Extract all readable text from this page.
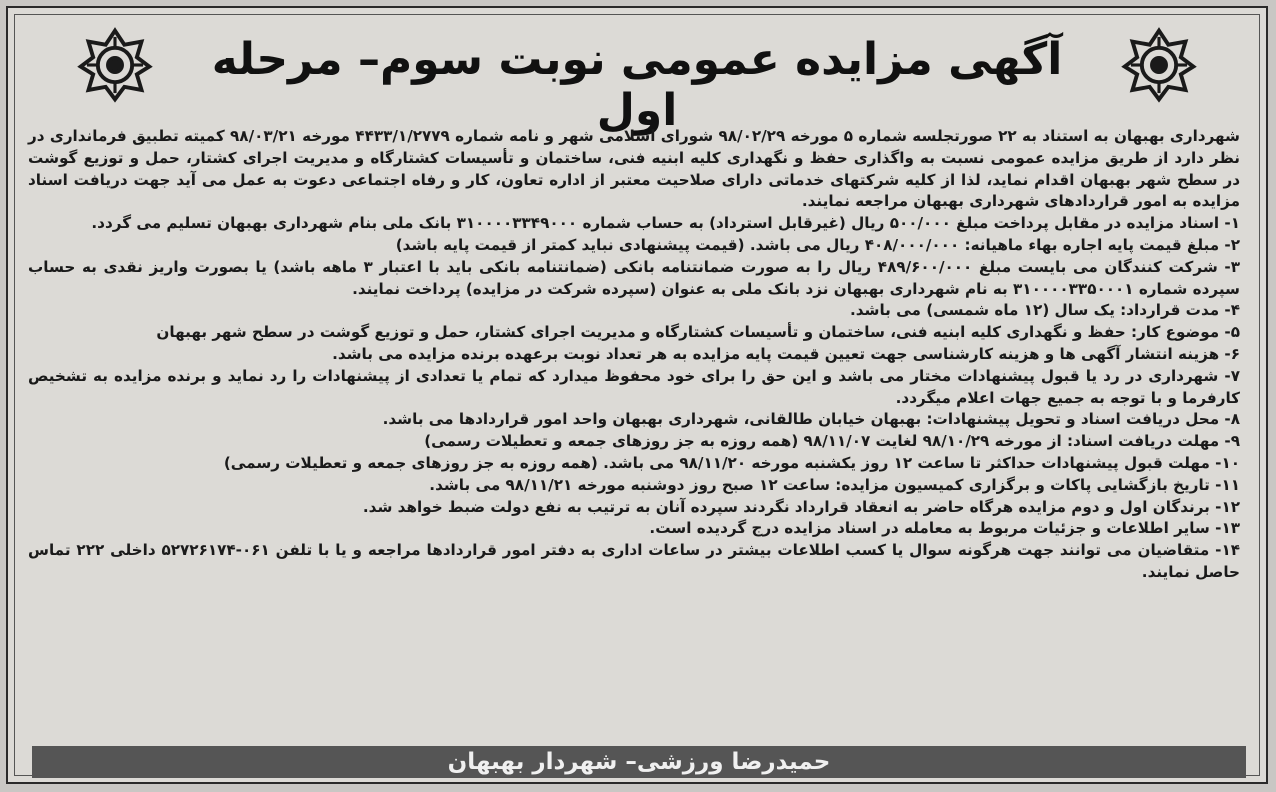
آگهی مزایده عمومی نوبت سوم– مرحله اول

شهرداری بهبهان به استناد به ۲۲ صورتجلسه شماره ۵ مورخه ۹۸/۰۲/۲۹ شورای اسلامی شهر و نامه شماره ۴۴۳۳/۱/۲۷۷۹ مورخه ۹۸/۰۳/۲۱ کمیته تطبیق فرمانداری در نظر دارد از طریق مزایده عمومی نسبت به واگذاری حفظ و نگهداری کلیه ابنیه فنی، ساختمان و تأسیسات کشتارگاه و مدیریت اجرای کشتار، حمل و توزیع گوشت در سطح شهر بهبهان اقدام نماید، لذا از کلیه شرکتهای خدماتی دارای صلاحیت معتبر از اداره تعاون، کار و رفاه اجتماعی دعوت به عمل می آید جهت دریافت اسناد مزایده به امور قراردادهای شهرداری بهبهان مراجعه نمایند.

۱- اسناد مزایده در مقابل پرداخت مبلغ ۵۰۰/۰۰۰ ریال (غیرقابل استرداد) به حساب شماره ۳۱۰۰۰۰۳۳۴۹۰۰۰ بانک ملی بنام شهرداری بهبهان تسلیم می گردد.

۲- مبلغ قیمت پایه اجاره بهاء ماهیانه: ۴۰۸/۰۰۰/۰۰۰ ریال می باشد. (قیمت پیشنهادی نباید کمتر از قیمت پایه باشد)

۳- شرکت کنندگان می بایست مبلغ ۴۸۹/۶۰۰/۰۰۰ ریال را به صورت ضمانتنامه بانکی (ضمانتنامه بانکی باید با اعتبار ۳ ماهه باشد) یا بصورت واریز نقدی به حساب سپرده شماره ۳۱۰۰۰۰۳۳۵۰۰۰۱ به نام شهرداری بهبهان نزد بانک ملی به عنوان (سپرده شرکت در مزایده) پرداخت نمایند.

۴- مدت قرارداد: یک سال (۱۲ ماه شمسی) می باشد.

۵- موضوع کار: حفظ و نگهداری کلیه ابنیه فنی، ساختمان و تأسیسات کشتارگاه و مدیریت اجرای کشتار، حمل و توزیع گوشت در سطح شهر بهبهان

۶- هزینه انتشار آگهی ها و هزینه کارشناسی جهت تعیین قیمت پایه مزایده به هر تعداد نوبت برعهده برنده مزایده می باشد.

۷- شهرداری در رد یا قبول پیشنهادات مختار می باشد و این حق را برای خود محفوظ میدارد که تمام یا تعدادی از پیشنهادات را رد نماید و برنده مزایده به تشخیص کارفرما و با توجه به جمیع جهات اعلام میگردد.

۸- محل دریافت اسناد و تحویل پیشنهادات: بهبهان خیابان طالقانی، شهرداری بهبهان واحد امور قراردادها می باشد.

۹- مهلت دریافت اسناد: از مورخه ۹۸/۱۰/۲۹ لغایت ۹۸/۱۱/۰۷ (همه روزه به جز روزهای جمعه و تعطیلات رسمی)

۱۰- مهلت قبول پیشنهادات حداکثر تا ساعت ۱۲ روز یکشنبه مورخه ۹۸/۱۱/۲۰ می باشد. (همه روزه به جز روزهای جمعه و تعطیلات رسمی)

۱۱- تاریخ بازگشایی پاکات و برگزاری کمیسیون مزایده: ساعت ۱۲ صبح روز دوشنبه مورخه ۹۸/۱۱/۲۱ می باشد.

۱۲- برندگان اول و دوم مزایده هرگاه حاضر به انعقاد قرارداد نگردند سپرده آنان به ترتیب به نفع دولت ضبط خواهد شد.

۱۳- سایر اطلاعات و جزئیات مربوط به معامله در اسناد مزایده درج گردیده است.

۱۴- متقاضیان می توانند جهت هرگونه سوال یا کسب اطلاعات بیشتر در ساعات اداری به دفتر امور قراردادها مراجعه و یا با تلفن ۰۶۱-۵۲۷۲۶۱۷۴ داخلی ۲۲۲ تماس حاصل نمایند.

حمیدرضا ورزشی– شهردار بهبهان
